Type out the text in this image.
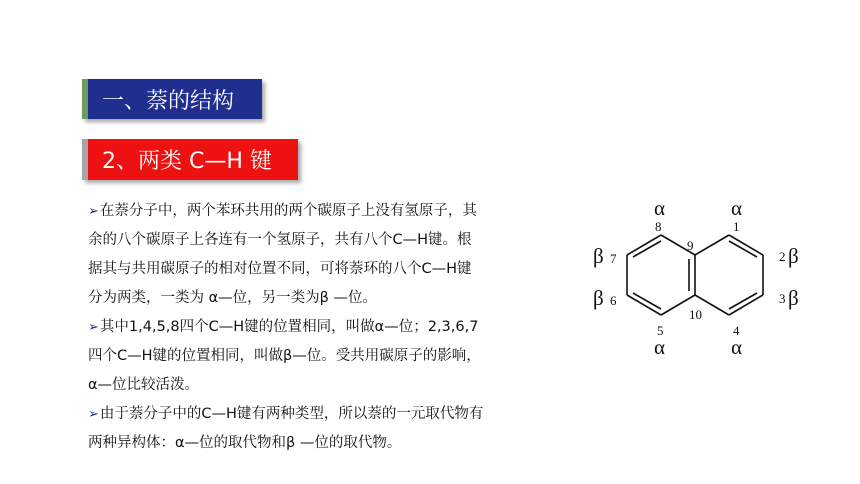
一、萘的结构
2、两类 C—H 键
➢在萘分子中，两个苯环共用的两个碳原子上没有氢原子，其
余的八个碳原子上各连有一个氢原子，共有八个C—H键。根
据其与共用碳原子的相对位置不同，可将萘环的八个C—H键
分为两类，一类为 α—位，另一类为β —位。
➢其中1,4,5,8四个C—H键的位置相同，叫做α—位；2,3,6,7
四个C—H键的位置相同，叫做β—位。受共用碳原子的影响，
α—位比较活泼。
➢由于萘分子中的C—H键有两种类型，所以萘的一元取代物有
两种异构体：α—位的取代物和β —位的取代物。
α	α
8	1
9
β 7
β 6
2 β
3 β
10
5	4
α	α
